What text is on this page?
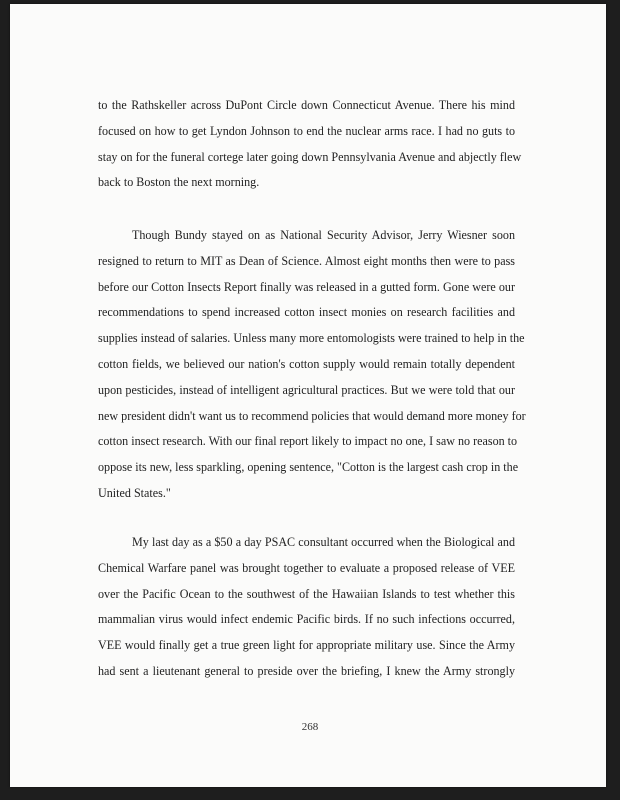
to the Rathskeller across DuPont Circle down Connecticut Avenue. There his mind
focused on how to get Lyndon Johnson to end the nuclear arms race. I had no guts to
stay on for the funeral cortege later going down Pennsylvania Avenue and abjectly flew
back to Boston the next morning.

Though Bundy stayed on as National Security Advisor, Jerry Wiesner soon
resigned to return to MIT as Dean of Science. Almost eight months then were to pass
before our Cotton Insects Report finally was released in a gutted form. Gone were our
recommendations to spend increased cotton insect monies on research facilities and
supplies instead of salaries. Unless many more entomologists were trained to help in the
cotton fields, we believed our nation's cotton supply would remain totally dependent
upon pesticides, instead of intelligent agricultural practices. But we were told that our
new president didn't want us to recommend policies that would demand more money for
cotton insect research. With our final report likely to impact no one, I saw no reason to
oppose its new, less sparkling, opening sentence, "Cotton is the largest cash crop in the
United States."

My last day as a $50 a day PSAC consultant occurred when the Biological and
Chemical Warfare panel was brought together to evaluate a proposed release of VEE
over the Pacific Ocean to the southwest of the Hawaiian Islands to test whether this
mammalian virus would infect endemic Pacific birds. If no such infections occurred,
VEE would finally get a true green light for appropriate military use. Since the Army
had sent a lieutenant general to preside over the briefing, I knew the Army strongly

268
